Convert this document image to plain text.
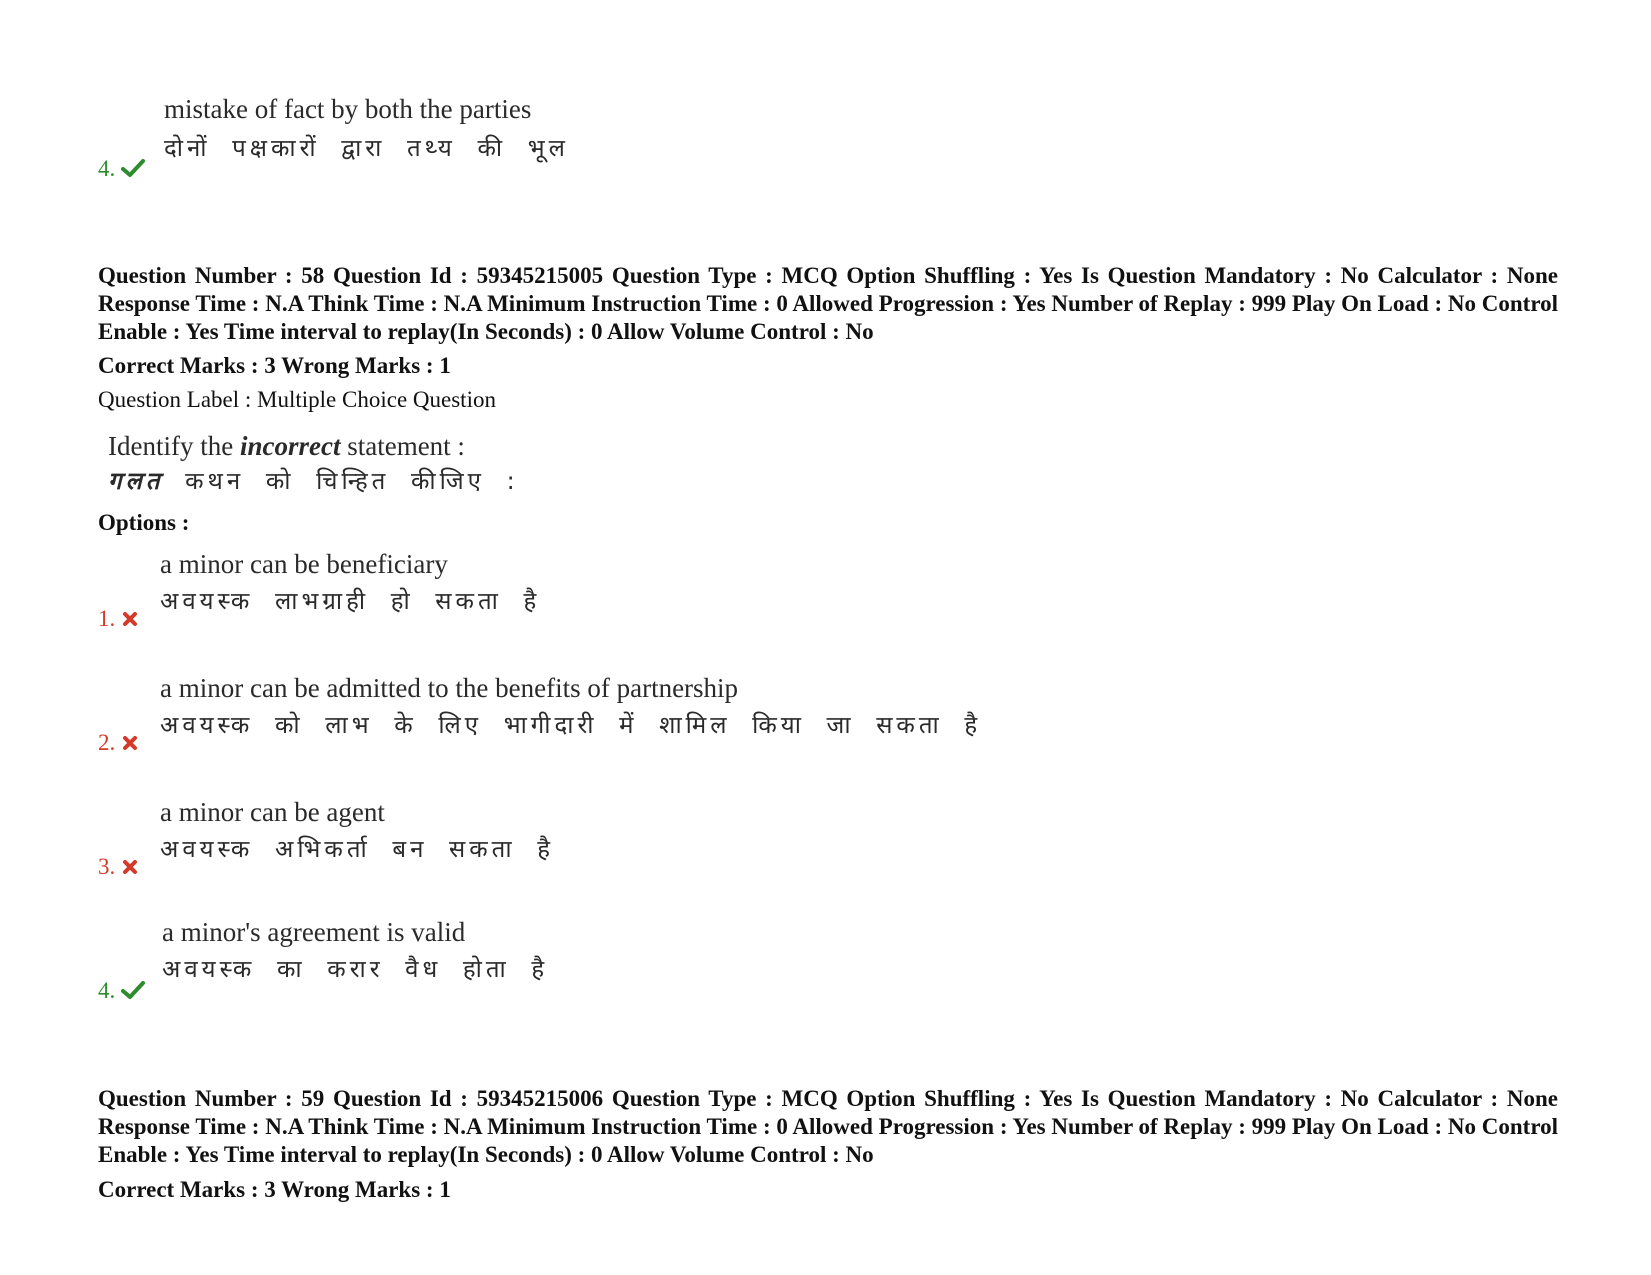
mistake of fact by both the parties
दोनों पक्षकारों द्वारा तथ्य की भूल
4.
Question Number : 58 Question Id : 59345215005 Question Type : MCQ Option Shuffling : Yes Is Question Mandatory : No Calculator : None Response Time : N.A Think Time : N.A Minimum Instruction Time : 0 Allowed Progression : Yes Number of Replay : 999 Play On Load : No Control Enable : Yes Time interval to replay(In Seconds) : 0 Allow Volume Control : No
Correct Marks : 3 Wrong Marks : 1
Question Label : Multiple Choice Question
Identify the incorrect statement :
गलत कथन को चिन्हित कीजिए :
Options :
a minor can be beneficiary
अवयस्क लाभग्राही हो सकता है
1.
a minor can be admitted to the benefits of partnership
अवयस्क को लाभ के लिए भागीदारी में शामिल किया जा सकता है
2.
a minor can be agent
अवयस्क अभिकर्ता बन सकता है
3.
a minor's agreement is valid
अवयस्क का करार वैध होता है
4.
Question Number : 59 Question Id : 59345215006 Question Type : MCQ Option Shuffling : Yes Is Question Mandatory : No Calculator : None Response Time : N.A Think Time : N.A Minimum Instruction Time : 0 Allowed Progression : Yes Number of Replay : 999 Play On Load : No Control Enable : Yes Time interval to replay(In Seconds) : 0 Allow Volume Control : No
Correct Marks : 3 Wrong Marks : 1
